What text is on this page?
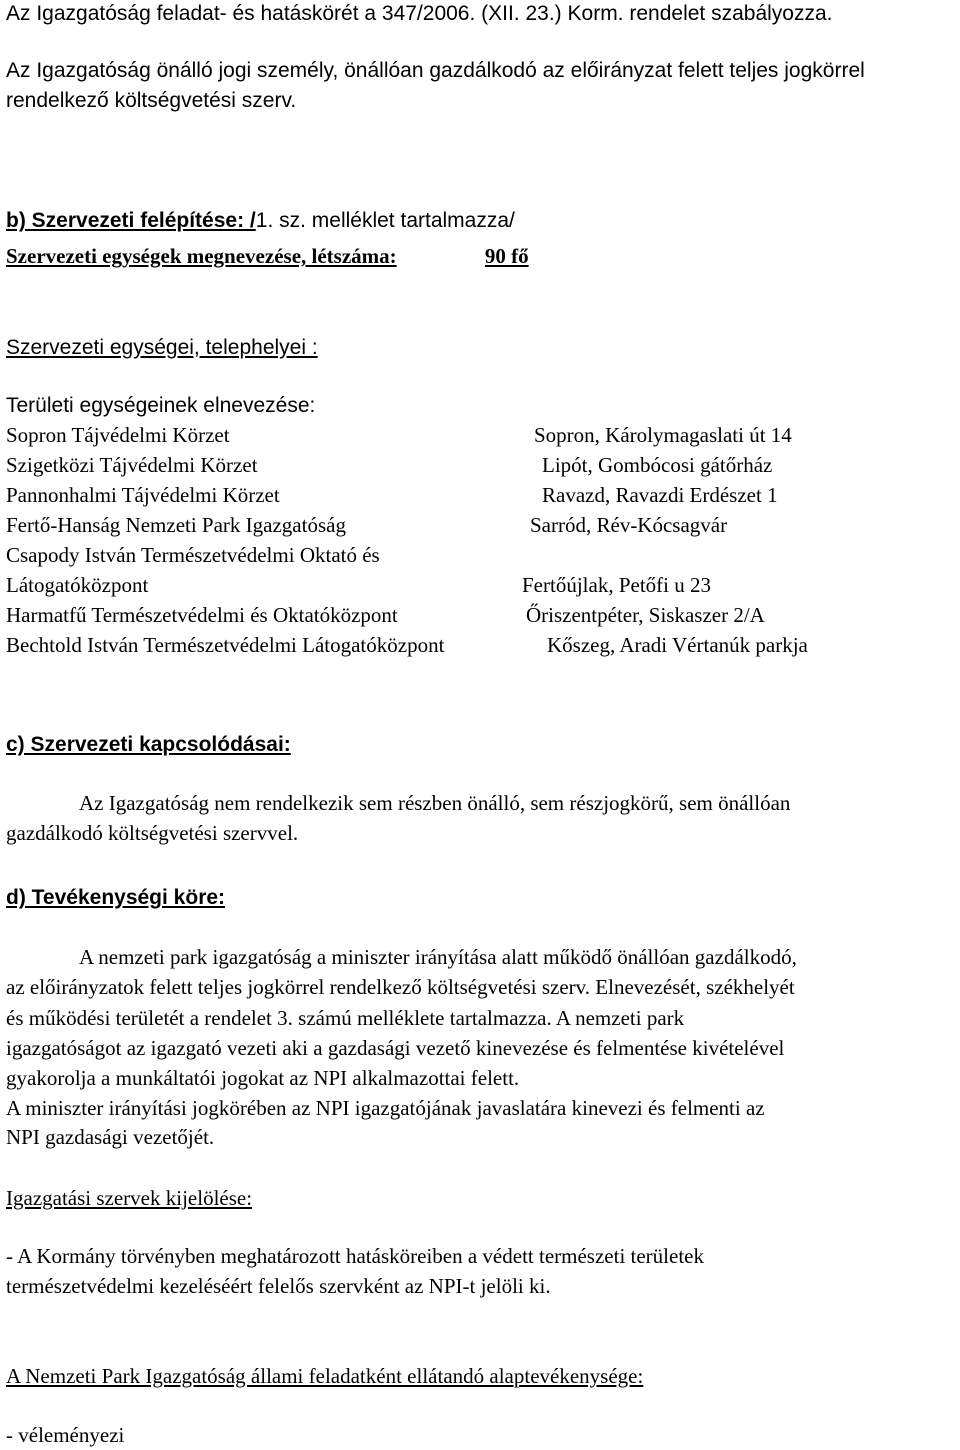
Az Igazgatóság feladat- és hatáskörét a 347/2006. (XII. 23.) Korm. rendelet szabályozza.
Az Igazgatóság önálló jogi személy, önállóan gazdálkodó az előirányzat felett teljes jogkörrel
rendelkező költségvetési szerv.
b) Szervezeti felépítése: /1. sz. melléklet tartalmazza/
Szervezeti egységek megnevezése, létszáma:	90 fő
Szervezeti egységei, telephelyei :
Területi egységeinek elnevezése:
Sopron Tájvédelmi Körzet	Sopron, Károlymagaslati út 14
Szigetközi Tájvédelmi Körzet	Lipót, Gombócosi gátőrház
Pannonhalmi Tájvédelmi Körzet	Ravazd, Ravazdi Erdészet 1
Fertő-Hanság Nemzeti Park Igazgatóság	Sarród, Rév-Kócsagvár
Csapody István Természetvédelmi Oktató és
Látogatóközpont	Fertőújlak, Petőfi u 23
Harmatfű Természetvédelmi és Oktatóközpont	Őriszentpéter, Siskaszer 2/A
Bechtold István Természetvédelmi Látogatóközpont	Kőszeg, Aradi Vértanúk parkja
c) Szervezeti kapcsolódásai:
Az Igazgatóság nem rendelkezik sem részben önálló, sem részjogkörű, sem önállóan
gazdálkodó költségvetési szervvel.
d) Tevékenységi köre:
A nemzeti park igazgatóság a miniszter irányítása alatt működő önállóan gazdálkodó,
az előirányzatok felett teljes jogkörrel rendelkező költségvetési szerv. Elnevezését, székhelyét
és működési területét a rendelet 3. számú melléklete tartalmazza. A nemzeti park
igazgatóságot az igazgató vezeti aki a gazdasági vezető kinevezése és felmentése kivételével
gyakorolja a munkáltatói jogokat az NPI alkalmazottai felett.
A miniszter irányítási jogkörében az NPI igazgatójának javaslatára kinevezi és felmenti az
NPI gazdasági vezetőjét.
Igazgatási szervek kijelölése:
- A Kormány törvényben meghatározott hatásköreiben a védett természeti területek
természetvédelmi kezeléséért felelős szervként az NPI-t jelöli ki.
A Nemzeti Park Igazgatóság állami feladatként ellátandó alaptevékenysége:
- véleményezi
